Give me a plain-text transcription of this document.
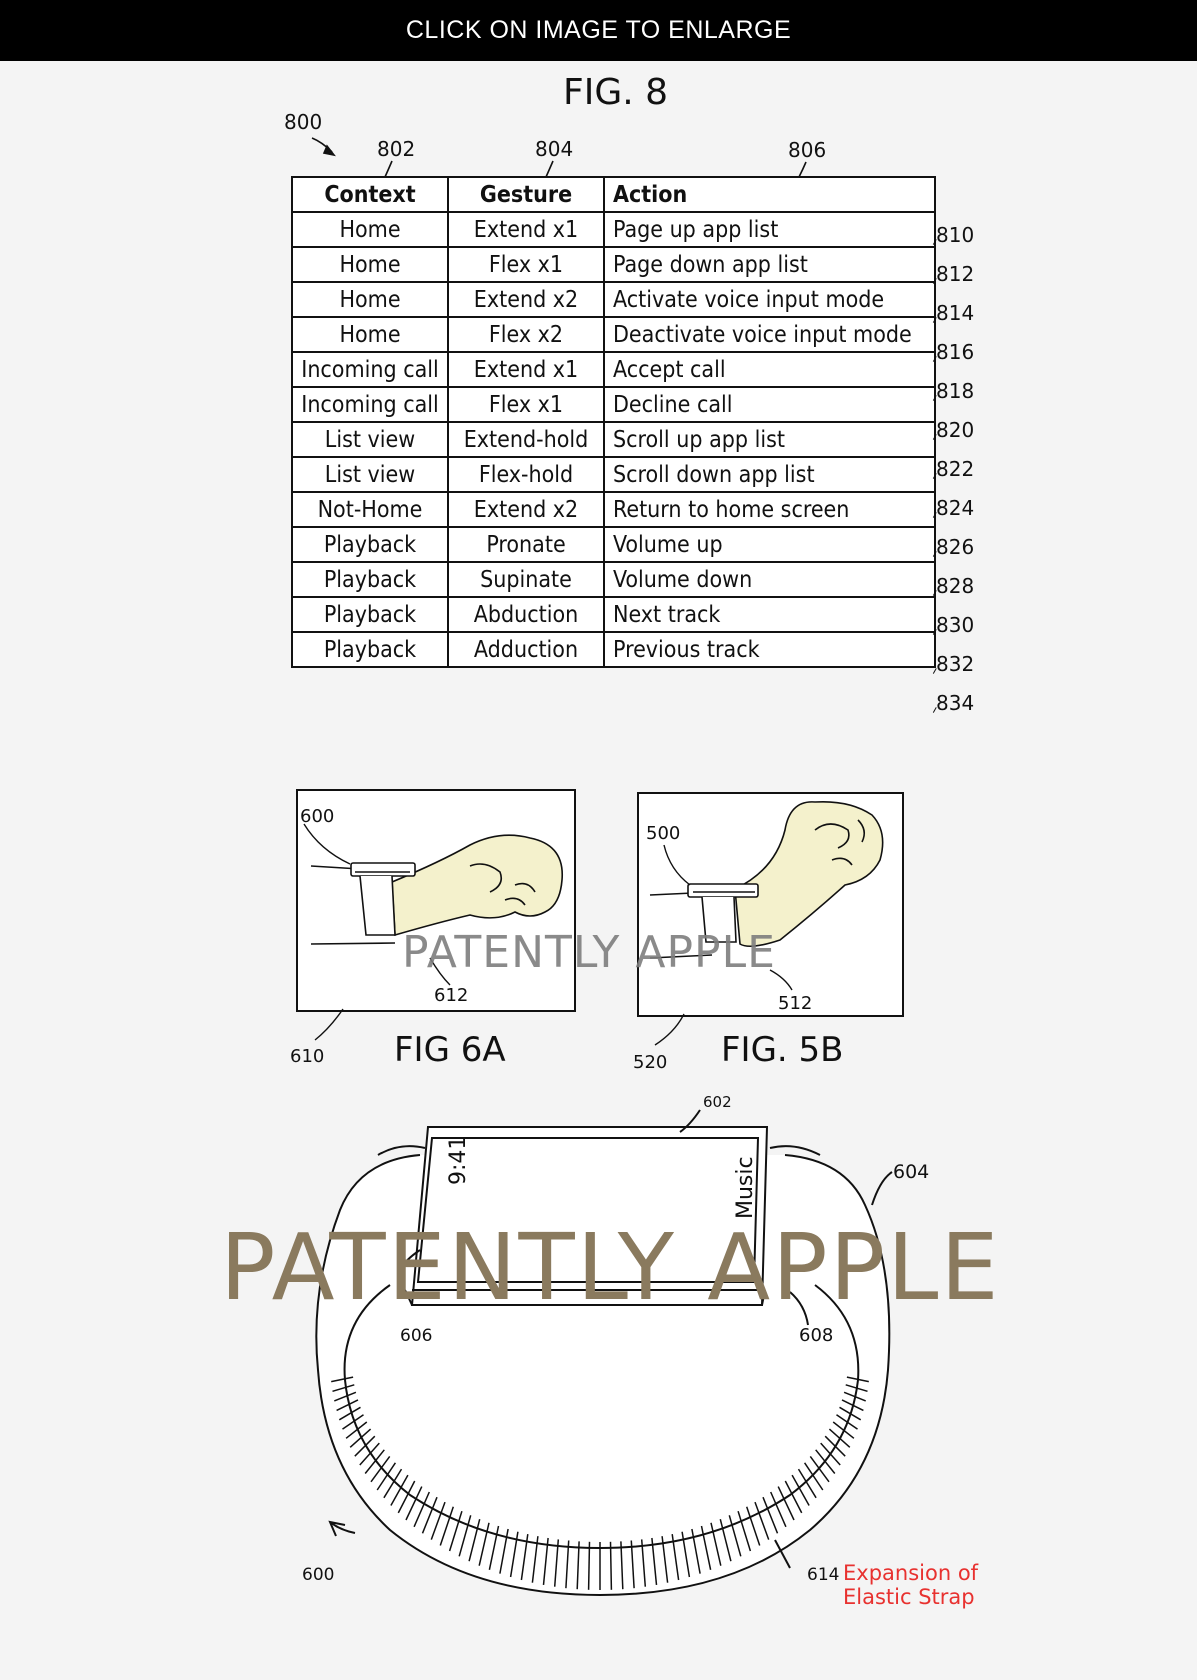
CLICK ON IMAGE TO ENLARGE
FIG. 8
800
802	804	806
Context	Gesture	Action
Home	Extend x1	Page up app list
Home	Flex x1	Page down app list
Home	Extend x2	Activate voice input mode
Home	Flex x2	Deactivate voice input mode
Incoming call	Extend x1	Accept call
Incoming call	Flex x1	Decline call
List view	Extend-hold	Scroll up app list
List view	Flex-hold	Scroll down app list
Not-Home	Extend x2	Return to home screen
Playback	Pronate	Volume up
Playback	Supinate	Volume down
Playback	Abduction	Next track
Playback	Adduction	Previous track
810
812
814
816
818
820
822
824
826
828
830
832
834
600
612
610 FIG 6A
500
512
520 FIG. 5B
PATENTLY APPLE
602
604
606	608
600	614
9:41	Music
Expansion of
Elastic Strap
PATENTLY APPLE
